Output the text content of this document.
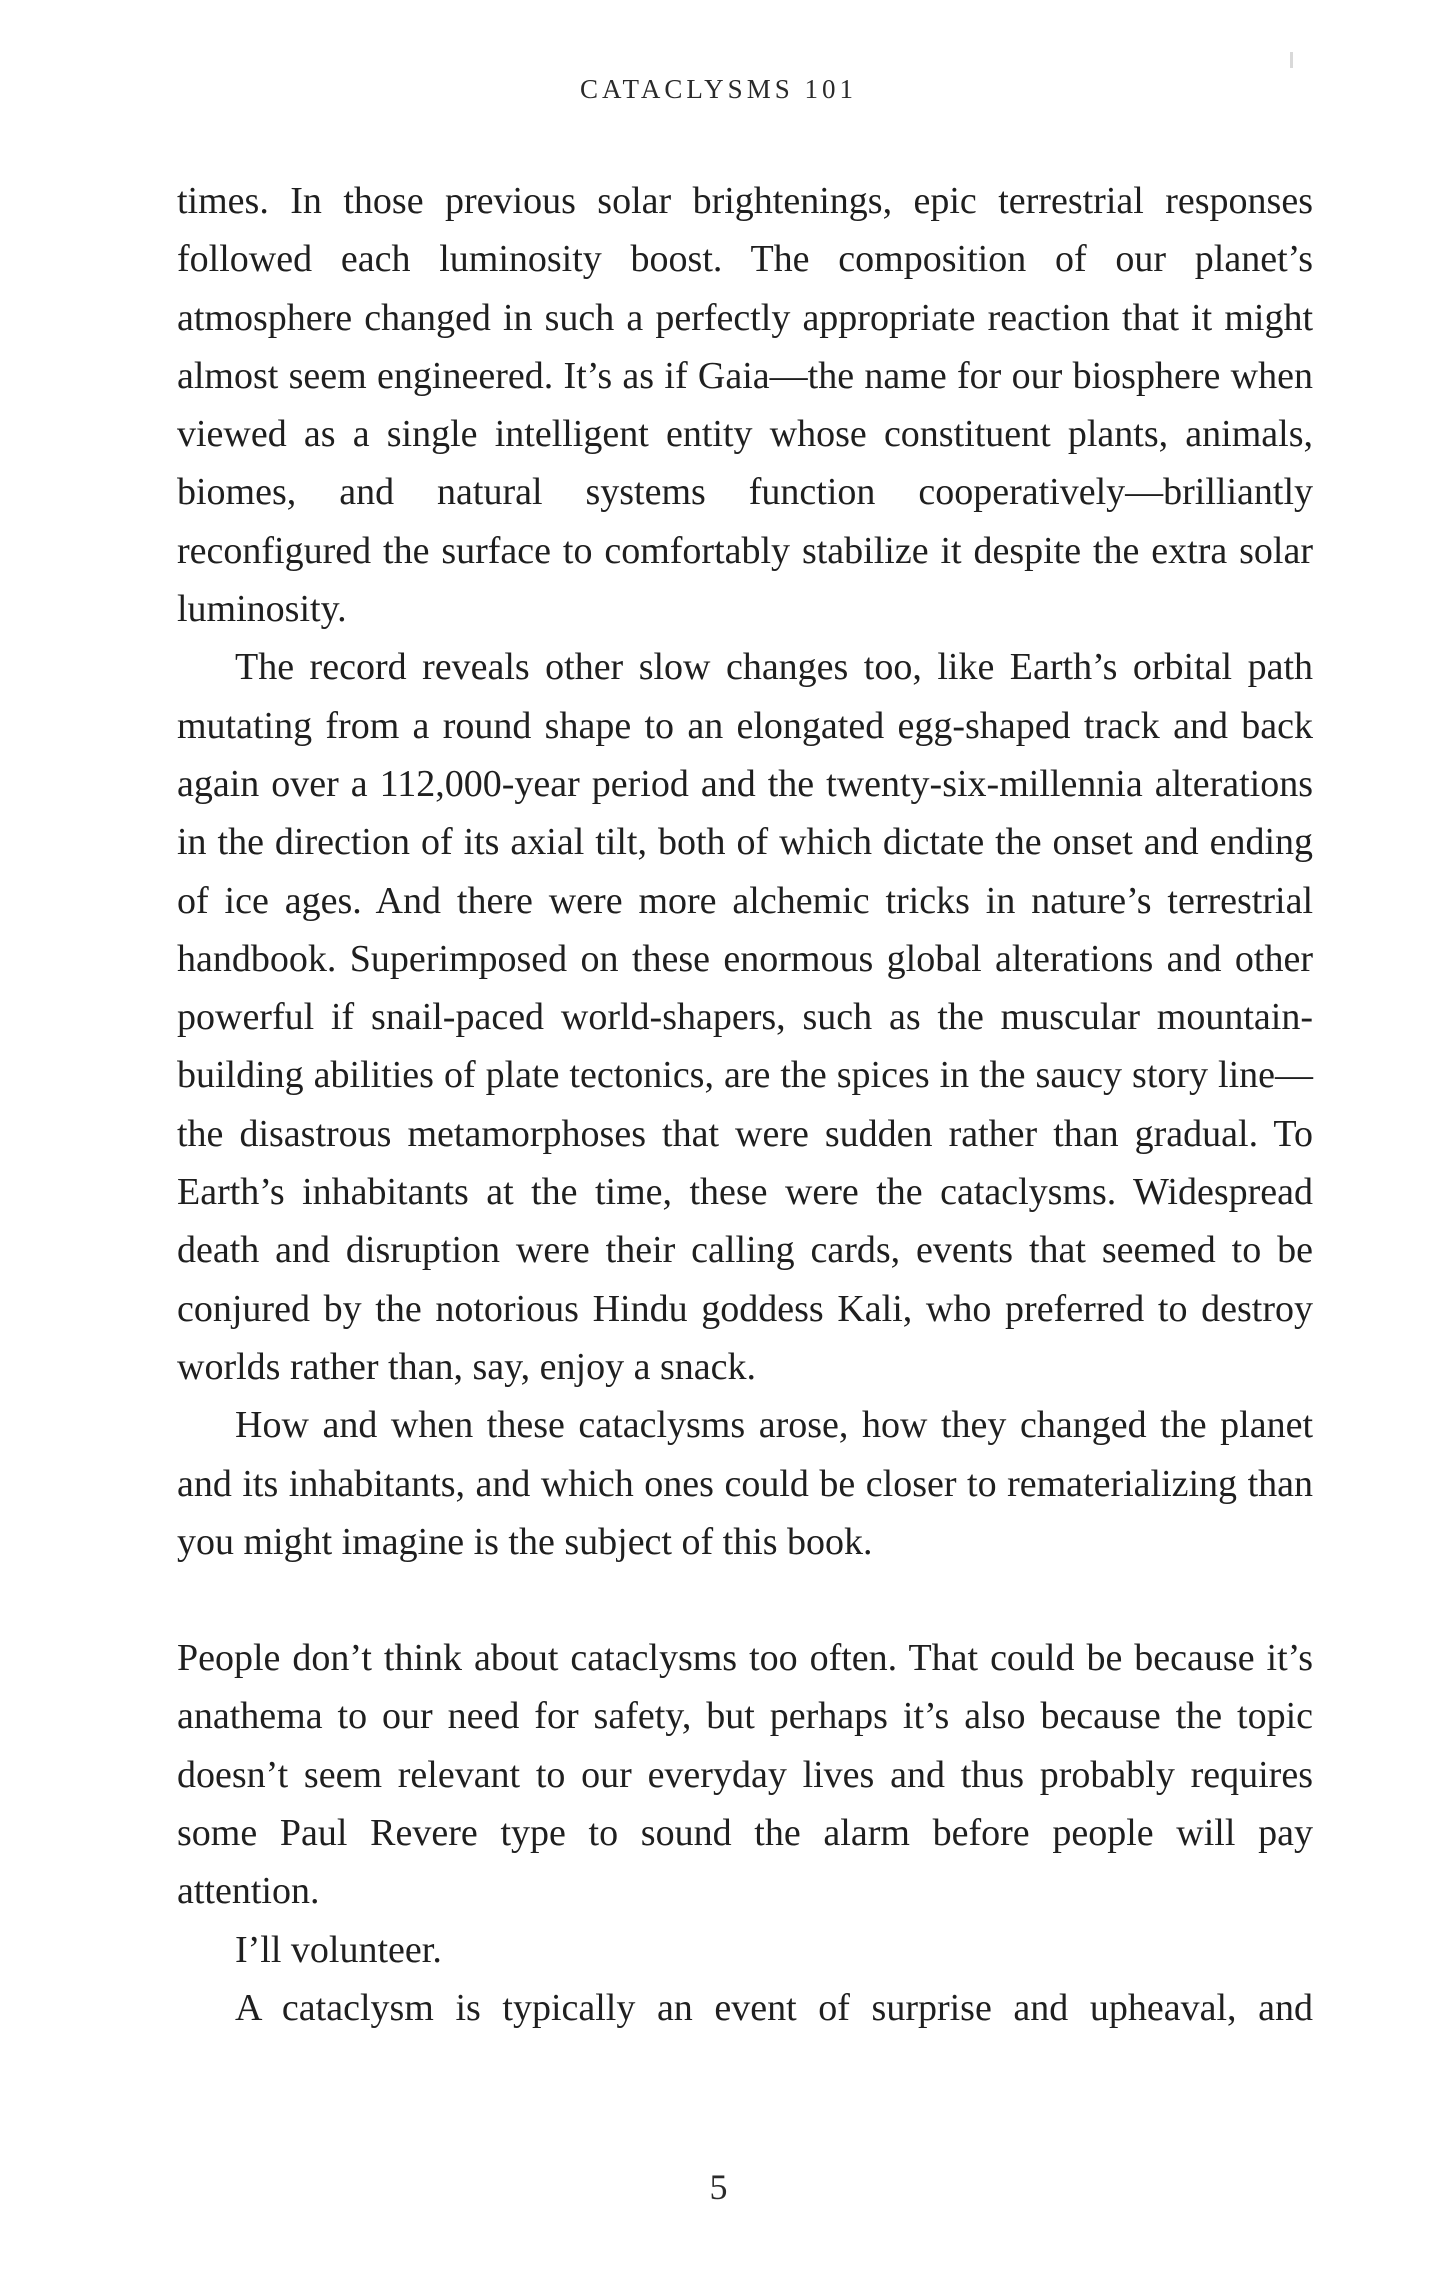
CATACLYSMS 101

times. In those previous solar brightenings, epic terrestrial responses followed each luminosity boost. The composition of our planet’s atmosphere changed in such a perfectly appropriate reaction that it might almost seem engineered. It’s as if Gaia—the name for our biosphere when viewed as a single intelligent entity whose constituent plants, animals, biomes, and natural systems function cooperatively—brilliantly reconfigured the surface to comfortably stabilize it despite the extra solar luminosity.

The record reveals other slow changes too, like Earth’s orbital path mutating from a round shape to an elongated egg-shaped track and back again over a 112,000-year period and the twenty-six-millennia alterations in the direction of its axial tilt, both of which dictate the onset and ending of ice ages. And there were more alchemic tricks in nature’s terrestrial handbook. Superimposed on these enormous global alterations and other powerful if snail-paced world-shapers, such as the muscular mountain-building abilities of plate tectonics, are the spices in the saucy story line—the disastrous metamorphoses that were sudden rather than gradual. To Earth’s inhabitants at the time, these were the cataclysms. Widespread death and disruption were their calling cards, events that seemed to be conjured by the notorious Hindu goddess Kali, who preferred to destroy worlds rather than, say, enjoy a snack.

How and when these cataclysms arose, how they changed the planet and its inhabitants, and which ones could be closer to rematerializing than you might imagine is the subject of this book.

People don’t think about cataclysms too often. That could be because it’s anathema to our need for safety, but perhaps it’s also because the topic doesn’t seem relevant to our everyday lives and thus probably requires some Paul Revere type to sound the alarm before people will pay attention.

I’ll volunteer.

A cataclysm is typically an event of surprise and upheaval, and

5
